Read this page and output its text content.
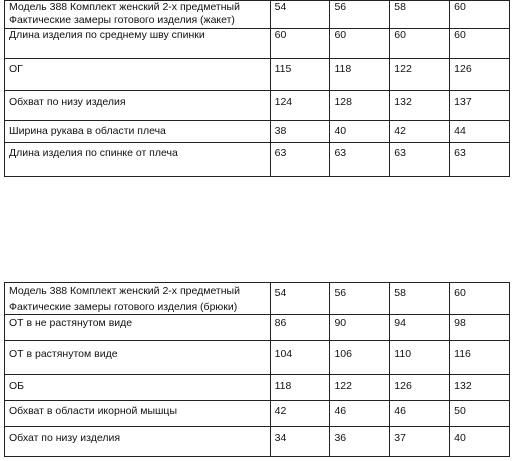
Модель 388 Комплект женский 2-х предметный
Фактические замеры готового изделия (жакет)	54	56	58	60
Длина изделия по среднему шву спинки	60	60	60	60
ОГ	115	118	122	126
Обхват по низу изделия	124	128	132	137
Ширина рукава в области плеча	38	40	42	44
Длина изделия по спинке от плеча	63	63	63	63
Модель 388 Комплект женский 2-х предметный
Фактические замеры готового изделия (брюки)	54	56	58	60
ОТ в не растянутом виде	86	90	94	98
ОТ в растянутом виде	104	106	110	116
ОБ	118	122	126	132
Обхват в области икорной мышцы	42	46	46	50
Обхат по низу изделия	34	36	37	40
